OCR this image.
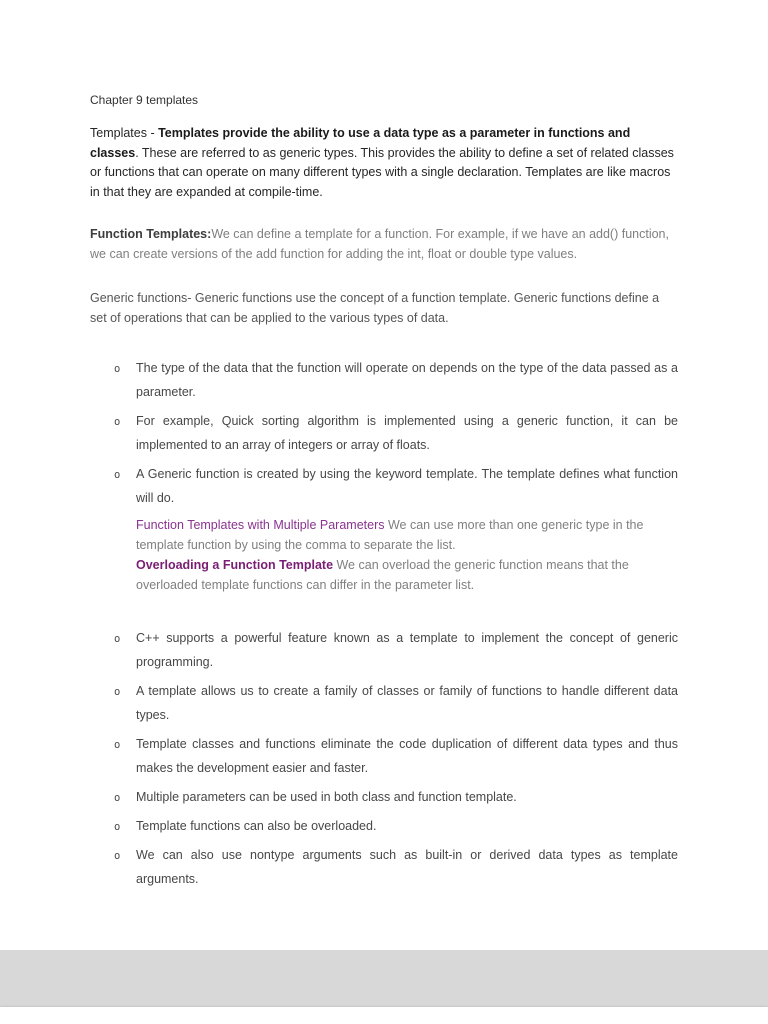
Chapter 9 templates

Templates - Templates provide the ability to use a data type as a parameter in functions and classes. These are referred to as generic types. This provides the ability to define a set of related classes or functions that can operate on many different types with a single declaration. Templates are like macros in that they are expanded at compile-time.

Function Templates:We can define a template for a function. For example, if we have an add() function, we can create versions of the add function for adding the int, float or double type values.

Generic functions- Generic functions use the concept of a function template. Generic functions define a set of operations that can be applied to the various types of data.

o The type of the data that the function will operate on depends on the type of the data passed as a parameter.
o For example, Quick sorting algorithm is implemented using a generic function, it can be implemented to an array of integers or array of floats.
o A Generic function is created by using the keyword template. The template defines what function will do.

Function Templates with Multiple Parameters We can use more than one generic type in the template function by using the comma to separate the list.

Overloading a Function Template We can overload the generic function means that the overloaded template functions can differ in the parameter list.

o C++ supports a powerful feature known as a template to implement the concept of generic programming.
o A template allows us to create a family of classes or family of functions to handle different data types.
o Template classes and functions eliminate the code duplication of different data types and thus makes the development easier and faster.
o Multiple parameters can be used in both class and function template.
o Template functions can also be overloaded.
o We can also use nontype arguments such as built-in or derived data types as template arguments.
